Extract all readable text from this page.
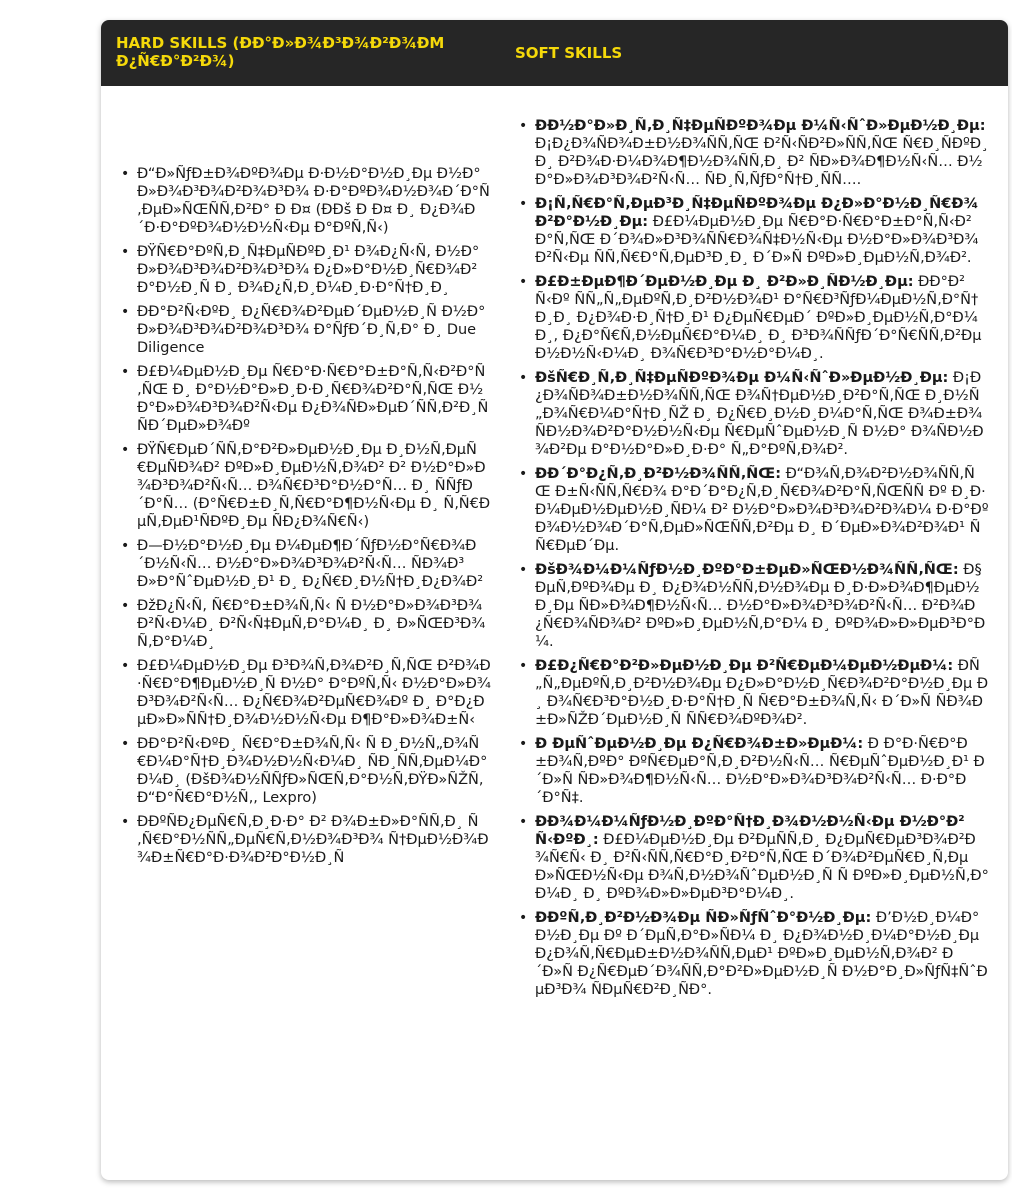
HARD SKILLS (ÐÐ°Ð»Ð¾Ð³Ð¾Ð²Ð¾ÐM Ð¿Ñ€Ð°Ð²Ð¾)	SOFT SKILLS
• Ð“Ð»ÑƒÐ±Ð¾ÐºÐ¾Ðµ Ð·Ð½Ð°Ð½Ð¸Ðµ Ð½Ð°Ð»Ð¾Ð³Ð¾Ð²Ð¾Ð³Ð¾ Ð·Ð°ÐºÐ¾Ð½Ð¾Ð´Ð°Ñ‚ÐµÐ»ÑŒÑÑ‚Ð²Ð° Ð Ð¤ (ÐÐš Ð Ð¤ Ð¸ Ð¿Ð¾Ð´Ð·Ð°ÐºÐ¾Ð½Ð½Ñ‹Ðµ Ð°ÐºÑ‚Ñ‹)
• ÐŸÑ€Ð°ÐºÑ‚Ð¸Ñ‡ÐµÑÐºÐ¸Ð¹ Ð¾Ð¿Ñ‹Ñ‚ Ð½Ð°Ð»Ð¾Ð³Ð¾Ð²Ð¾Ð³Ð¾ Ð¿Ð»Ð°Ð½Ð¸Ñ€Ð¾Ð²Ð°Ð½Ð¸Ñ Ð¸ Ð¾Ð¿Ñ‚Ð¸Ð¼Ð¸Ð·Ð°Ñ†Ð¸Ð¸
• ÐÐ°Ð²Ñ‹ÐºÐ¸ Ð¿Ñ€Ð¾Ð²ÐµÐ´ÐµÐ½Ð¸Ñ Ð½Ð°Ð»Ð¾Ð³Ð¾Ð²Ð¾Ð³Ð¾ Ð°ÑƒÐ´Ð¸Ñ‚Ð° Ð¸ Due Diligence
• Ð£Ð¼ÐµÐ½Ð¸Ðµ Ñ€Ð°Ð·Ñ€Ð°Ð±Ð°Ñ‚Ñ‹Ð²Ð°Ñ‚ÑŒ Ð¸ Ð°Ð½Ð°Ð»Ð¸Ð·Ð¸Ñ€Ð¾Ð²Ð°Ñ‚ÑŒ Ð½Ð°Ð»Ð¾Ð³Ð¾Ð²Ñ‹Ðµ Ð¿Ð¾ÑÐ»ÐµÐ´ÑÑ‚Ð²Ð¸Ñ ÑÐ´ÐµÐ»Ð¾Ðº
• ÐŸÑ€ÐµÐ´ÑÑ‚Ð°Ð²Ð»ÐµÐ½Ð¸Ðµ Ð¸Ð½Ñ‚ÐµÑ€ÐµÑÐ¾Ð² ÐºÐ»Ð¸ÐµÐ½Ñ‚Ð¾Ð² Ð² Ð½Ð°Ð»Ð¾Ð³Ð¾Ð²Ñ‹Ñ… Ð¾Ñ€Ð³Ð°Ð½Ð°Ñ… Ð¸ ÑÑƒÐ´Ð°Ñ… (Ð°Ñ€Ð±Ð¸Ñ‚Ñ€Ð°Ð¶Ð½Ñ‹Ðµ Ð¸ Ñ‚Ñ€ÐµÑ‚ÐµÐ¹ÑÐºÐ¸Ðµ ÑÐ¿Ð¾Ñ€Ñ‹)
• Ð—Ð½Ð°Ð½Ð¸Ðµ Ð¼ÐµÐ¶Ð´ÑƒÐ½Ð°Ñ€Ð¾Ð´Ð½Ñ‹Ñ… Ð½Ð°Ð»Ð¾Ð³Ð¾Ð²Ñ‹Ñ… ÑÐ¾Ð³Ð»Ð°ÑˆÐµÐ½Ð¸Ð¹ Ð¸ Ð¿Ñ€Ð¸Ð½Ñ†Ð¸Ð¿Ð¾Ð²
• ÐžÐ¿Ñ‹Ñ‚ Ñ€Ð°Ð±Ð¾Ñ‚Ñ‹ Ñ Ð½Ð°Ð»Ð¾Ð³Ð¾Ð²Ñ‹Ð¼Ð¸ Ð²Ñ‹Ñ‡ÐµÑ‚Ð°Ð¼Ð¸ Ð¸ Ð»ÑŒÐ³Ð¾Ñ‚Ð°Ð¼Ð¸
• Ð£Ð¼ÐµÐ½Ð¸Ðµ Ð³Ð¾Ñ‚Ð¾Ð²Ð¸Ñ‚ÑŒ Ð²Ð¾Ð·Ñ€Ð°Ð¶ÐµÐ½Ð¸Ñ Ð½Ð° Ð°ÐºÑ‚Ñ‹ Ð½Ð°Ð»Ð¾Ð³Ð¾Ð²Ñ‹Ñ… Ð¿Ñ€Ð¾Ð²ÐµÑ€Ð¾Ðº Ð¸ Ð°Ð¿ÐµÐ»Ð»ÑÑ†Ð¸Ð¾Ð½Ð½Ñ‹Ðµ Ð¶Ð°Ð»Ð¾Ð±Ñ‹
• ÐÐ°Ð²Ñ‹ÐºÐ¸ Ñ€Ð°Ð±Ð¾Ñ‚Ñ‹ Ñ Ð¸Ð½Ñ„Ð¾Ñ€Ð¼Ð°Ñ†Ð¸Ð¾Ð½Ð½Ñ‹Ð¼Ð¸ ÑÐ¸ÑÑ‚ÐµÐ¼Ð°Ð¼Ð¸ (ÐšÐ¾Ð½ÑÑƒÐ»ÑŒÑ‚Ð°Ð½Ñ‚ÐŸÐ»ÑŽÑ, Ð“Ð°Ñ€Ð°Ð½Ñ‚, Lexpro)
• ÐÐºÑÐ¿ÐµÑ€Ñ‚Ð¸Ð·Ð° Ð² Ð¾Ð±Ð»Ð°ÑÑ‚Ð¸ Ñ‚Ñ€Ð°Ð½ÑÑ„ÐµÑ€Ñ‚Ð½Ð¾Ð³Ð¾ Ñ†ÐµÐ½Ð¾Ð¾Ð±Ñ€Ð°Ð·Ð¾Ð²Ð°Ð½Ð¸Ñ
• ÐÐ½Ð°Ð»Ð¸Ñ‚Ð¸Ñ‡ÐµÑÐºÐ¾Ðµ Ð¼Ñ‹ÑˆÐ»ÐµÐ½Ð¸Ðµ: Ð¡Ð¿Ð¾ÑÐ¾Ð±Ð½Ð¾ÑÑ‚ÑŒ Ð²Ñ‹ÑÐ²Ð»ÑÑ‚ÑŒ Ñ€Ð¸ÑÐºÐ¸ Ð¸ Ð²Ð¾Ð·Ð¼Ð¾Ð¶Ð½Ð¾ÑÑ‚Ð¸ Ð² ÑÐ»Ð¾Ð¶Ð½Ñ‹Ñ… Ð½Ð°Ð»Ð¾Ð³Ð¾Ð²Ñ‹Ñ… ÑÐ¸Ñ‚ÑƒÐ°Ñ†Ð¸ÑÑ….
• Ð¡Ñ‚Ñ€Ð°Ñ‚ÐµÐ³Ð¸Ñ‡ÐµÑÐºÐ¾Ðµ Ð¿Ð»Ð°Ð½Ð¸Ñ€Ð¾Ð²Ð°Ð½Ð¸Ðµ: Ð£Ð¼ÐµÐ½Ð¸Ðµ Ñ€Ð°Ð·Ñ€Ð°Ð±Ð°Ñ‚Ñ‹Ð²Ð°Ñ‚ÑŒ Ð´Ð¾Ð»Ð³Ð¾ÑÑ€Ð¾Ñ‡Ð½Ñ‹Ðµ Ð½Ð°Ð»Ð¾Ð³Ð¾Ð²Ñ‹Ðµ ÑÑ‚Ñ€Ð°Ñ‚ÐµÐ³Ð¸Ð¸ Ð´Ð»Ñ ÐºÐ»Ð¸ÐµÐ½Ñ‚Ð¾Ð².
• Ð£Ð±ÐµÐ¶Ð´ÐµÐ½Ð¸Ðµ Ð¸ Ð²Ð»Ð¸ÑÐ½Ð¸Ðµ: ÐÐ°Ð²Ñ‹Ðº ÑÑ„Ñ„ÐµÐºÑ‚Ð¸Ð²Ð½Ð¾Ð¹ Ð°Ñ€Ð³ÑƒÐ¼ÐµÐ½Ñ‚Ð°Ñ†Ð¸Ð¸ Ð¿Ð¾Ð·Ð¸Ñ†Ð¸Ð¹ Ð¿ÐµÑ€ÐµÐ´ ÐºÐ»Ð¸ÐµÐ½Ñ‚Ð°Ð¼Ð¸, Ð¿Ð°Ñ€Ñ‚Ð½ÐµÑ€Ð°Ð¼Ð¸ Ð¸ Ð³Ð¾ÑÑƒÐ´Ð°Ñ€ÑÑ‚Ð²ÐµÐ½Ð½Ñ‹Ð¼Ð¸ Ð¾Ñ€Ð³Ð°Ð½Ð°Ð¼Ð¸.
• ÐšÑ€Ð¸Ñ‚Ð¸Ñ‡ÐµÑÐºÐ¾Ðµ Ð¼Ñ‹ÑˆÐ»ÐµÐ½Ð¸Ðµ: Ð¡Ð¿Ð¾ÑÐ¾Ð±Ð½Ð¾ÑÑ‚ÑŒ Ð¾Ñ†ÐµÐ½Ð¸Ð²Ð°Ñ‚ÑŒ Ð¸Ð½Ñ„Ð¾Ñ€Ð¼Ð°Ñ†Ð¸ÑŽ Ð¸ Ð¿Ñ€Ð¸Ð½Ð¸Ð¼Ð°Ñ‚ÑŒ Ð¾Ð±Ð¾ÑÐ½Ð¾Ð²Ð°Ð½Ð½Ñ‹Ðµ Ñ€ÐµÑˆÐµÐ½Ð¸Ñ Ð½Ð° Ð¾ÑÐ½Ð¾Ð²Ðµ Ð°Ð½Ð°Ð»Ð¸Ð·Ð° Ñ„Ð°ÐºÑ‚Ð¾Ð².
• ÐÐ´Ð°Ð¿Ñ‚Ð¸Ð²Ð½Ð¾ÑÑ‚ÑŒ: Ð“Ð¾Ñ‚Ð¾Ð²Ð½Ð¾ÑÑ‚ÑŒ Ð±Ñ‹ÑÑ‚Ñ€Ð¾ Ð°Ð´Ð°Ð¿Ñ‚Ð¸Ñ€Ð¾Ð²Ð°Ñ‚ÑŒÑÑ Ðº Ð¸Ð·Ð¼ÐµÐ½ÐµÐ½Ð¸ÑÐ¼ Ð² Ð½Ð°Ð»Ð¾Ð³Ð¾Ð²Ð¾Ð¼ Ð·Ð°ÐºÐ¾Ð½Ð¾Ð´Ð°Ñ‚ÐµÐ»ÑŒÑÑ‚Ð²Ðµ Ð¸ Ð´ÐµÐ»Ð¾Ð²Ð¾Ð¹ ÑÑ€ÐµÐ´Ðµ.
• ÐšÐ¾Ð¼Ð¼ÑƒÐ½Ð¸ÐºÐ°Ð±ÐµÐ»ÑŒÐ½Ð¾ÑÑ‚ÑŒ: Ð§ÐµÑ‚ÐºÐ¾Ðµ Ð¸ Ð¿Ð¾Ð½ÑÑ‚Ð½Ð¾Ðµ Ð¸Ð·Ð»Ð¾Ð¶ÐµÐ½Ð¸Ðµ ÑÐ»Ð¾Ð¶Ð½Ñ‹Ñ… Ð½Ð°Ð»Ð¾Ð³Ð¾Ð²Ñ‹Ñ… Ð²Ð¾Ð¿Ñ€Ð¾ÑÐ¾Ð² ÐºÐ»Ð¸ÐµÐ½Ñ‚Ð°Ð¼ Ð¸ ÐºÐ¾Ð»Ð»ÐµÐ³Ð°Ð¼.
• Ð£Ð¿Ñ€Ð°Ð²Ð»ÐµÐ½Ð¸Ðµ Ð²Ñ€ÐµÐ¼ÐµÐ½ÐµÐ¼: ÐÑ„Ñ„ÐµÐºÑ‚Ð¸Ð²Ð½Ð¾Ðµ Ð¿Ð»Ð°Ð½Ð¸Ñ€Ð¾Ð²Ð°Ð½Ð¸Ðµ Ð¸ Ð¾Ñ€Ð³Ð°Ð½Ð¸Ð·Ð°Ñ†Ð¸Ñ Ñ€Ð°Ð±Ð¾Ñ‚Ñ‹ Ð´Ð»Ñ ÑÐ¾Ð±Ð»ÑŽÐ´ÐµÐ½Ð¸Ñ ÑÑ€Ð¾ÐºÐ¾Ð².
• Ð ÐµÑˆÐµÐ½Ð¸Ðµ Ð¿Ñ€Ð¾Ð±Ð»ÐµÐ¼: Ð Ð°Ð·Ñ€Ð°Ð±Ð¾Ñ‚ÐºÐ° ÐºÑ€ÐµÐ°Ñ‚Ð¸Ð²Ð½Ñ‹Ñ… Ñ€ÐµÑˆÐµÐ½Ð¸Ð¹ Ð´Ð»Ñ ÑÐ»Ð¾Ð¶Ð½Ñ‹Ñ… Ð½Ð°Ð»Ð¾Ð³Ð¾Ð²Ñ‹Ñ… Ð·Ð°Ð´Ð°Ñ‡.
• ÐÐ¾Ð¼Ð¼ÑƒÐ½Ð¸ÐºÐ°Ñ†Ð¸Ð¾Ð½Ð½Ñ‹Ðµ Ð½Ð°Ð²Ñ‹ÐºÐ¸: Ð£Ð¼ÐµÐ½Ð¸Ðµ Ð²ÐµÑÑ‚Ð¸ Ð¿ÐµÑ€ÐµÐ³Ð¾Ð²Ð¾Ñ€Ñ‹ Ð¸ Ð²Ñ‹ÑÑ‚Ñ€Ð°Ð¸Ð²Ð°Ñ‚ÑŒ Ð´Ð¾Ð²ÐµÑ€Ð¸Ñ‚ÐµÐ»ÑŒÐ½Ñ‹Ðµ Ð¾Ñ‚Ð½Ð¾ÑˆÐµÐ½Ð¸Ñ Ñ ÐºÐ»Ð¸ÐµÐ½Ñ‚Ð°Ð¼Ð¸ Ð¸ ÐºÐ¾Ð»Ð»ÐµÐ³Ð°Ð¼Ð¸.
• ÐÐºÑ‚Ð¸Ð²Ð½Ð¾Ðµ ÑÐ»ÑƒÑˆÐ°Ð½Ð¸Ðµ: Ð’Ð½Ð¸Ð¼Ð°Ð½Ð¸Ðµ Ðº Ð´ÐµÑ‚Ð°Ð»ÑÐ¼ Ð¸ Ð¿Ð¾Ð½Ð¸Ð¼Ð°Ð½Ð¸Ðµ Ð¿Ð¾Ñ‚Ñ€ÐµÐ±Ð½Ð¾ÑÑ‚ÐµÐ¹ ÐºÐ»Ð¸ÐµÐ½Ñ‚Ð¾Ð² Ð´Ð»Ñ Ð¿Ñ€ÐµÐ´Ð¾ÑÑ‚Ð°Ð²Ð»ÐµÐ½Ð¸Ñ Ð½Ð°Ð¸Ð»ÑƒÑ‡ÑˆÐµÐ³Ð¾ ÑÐµÑ€Ð²Ð¸ÑÐ°.
